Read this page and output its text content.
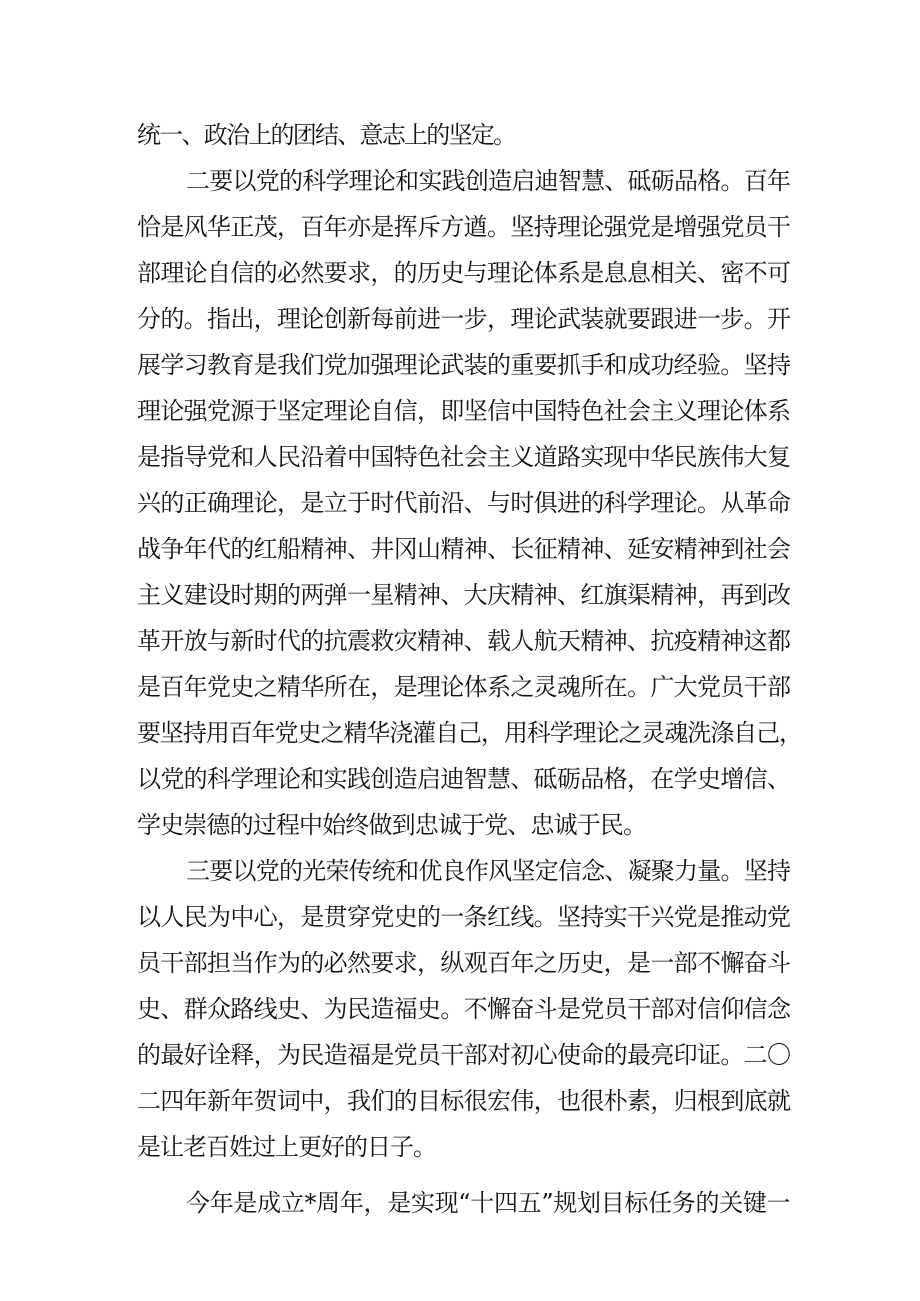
统一、政治上的团结、意志上的坚定。
二要以党的科学理论和实践创造启迪智慧、砥砺品格。百年
恰是风华正茂，百年亦是挥斥方遒。坚持理论强党是增强党员干
部理论自信的必然要求，的历史与理论体系是息息相关、密不可
分的。指出，理论创新每前进一步，理论武装就要跟进一步。开
展学习教育是我们党加强理论武装的重要抓手和成功经验。坚持
理论强党源于坚定理论自信，即坚信中国特色社会主义理论体系
是指导党和人民沿着中国特色社会主义道路实现中华民族伟大复
兴的正确理论，是立于时代前沿、与时俱进的科学理论。从革命
战争年代的红船精神、井冈山精神、长征精神、延安精神到社会
主义建设时期的两弹一星精神、大庆精神、红旗渠精神，再到改
革开放与新时代的抗震救灾精神、载人航天精神、抗疫精神这都
是百年党史之精华所在，是理论体系之灵魂所在。广大党员干部
要坚持用百年党史之精华浇灌自己，用科学理论之灵魂洗涤自己，
以党的科学理论和实践创造启迪智慧、砥砺品格，在学史增信、
学史崇德的过程中始终做到忠诚于党、忠诚于民。
三要以党的光荣传统和优良作风坚定信念、凝聚力量。坚持
以人民为中心，是贯穿党史的一条红线。坚持实干兴党是推动党
员干部担当作为的必然要求，纵观百年之历史，是一部不懈奋斗
史、群众路线史、为民造福史。不懈奋斗是党员干部对信仰信念
的最好诠释，为民造福是党员干部对初心使命的最亮印证。二〇
二四年新年贺词中，我们的目标很宏伟，也很朴素，归根到底就
是让老百姓过上更好的日子。
今年是成立*周年，是实现“十四五”规划目标任务的关键一
